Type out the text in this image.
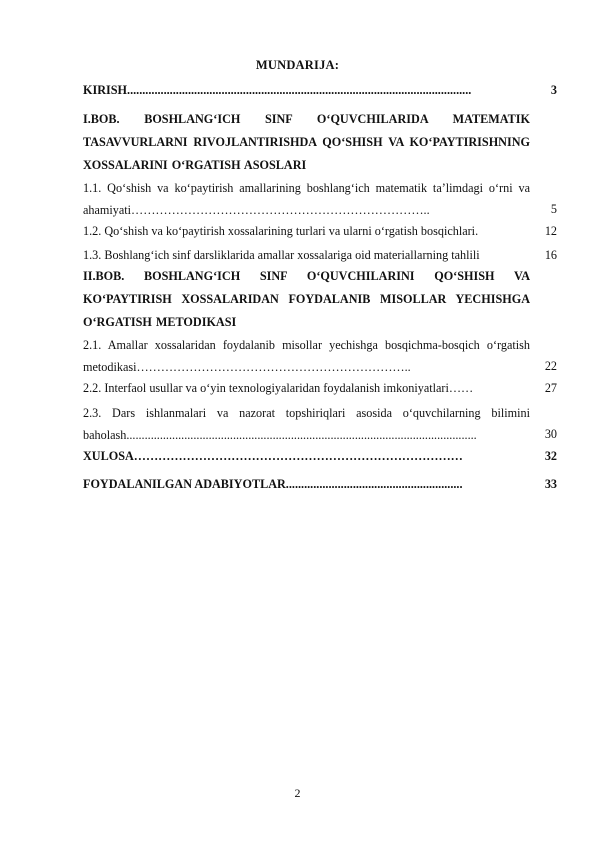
MUNDARIJA:
KIRISH.................................................................................................................	3
I.BOB. BOSHLANG‘ICH SINF O‘QUVCHILARIDA MATEMATIK TASAVVURLARNI RIVOJLANTIRISHDA QO‘SHISH VA KO‘PAYTIRISHNING XOSSALARINI O‘RGATISH ASOSLARI
1.1. Qo‘shish va ko‘paytirish amallarining boshlang‘ich matematik ta’limdagi o‘rni va ahamiyati………………………………………………………………..	5
1.2. Qo‘shish va ko‘paytirish xossalarining turlari va ularni o‘rgatish bosqichlari.	12
1.3. Boshlang‘ich sinf darsliklarida amallar xossalariga oid materiallarning tahlili	16
II.BOB. BOSHLANG‘ICH SINF O‘QUVCHILARINI QO‘SHISH VA KO‘PAYTIRISH XOSSALARIDAN FOYDALANIB MISOLLAR YECHISHGA O‘RGATISH METODIKASI
2.1. Amallar xossalaridan foydalanib misollar yechishga bosqichma-bosqich o‘rgatish metodikasi…………………………………………………………..	22
2.2. Interfaol usullar va o‘yin texnologiyalaridan foydalanish imkoniyatlari……	27
2.3. Dars ishlanmalari va nazorat topshiriqlari asosida o‘quvchilarning bilimini baholash...................................................................................................................	30
XULOSA………………………………………………………………………	32
FOYDALANILGAN ADABIYOTLAR..........................................................	33
2
